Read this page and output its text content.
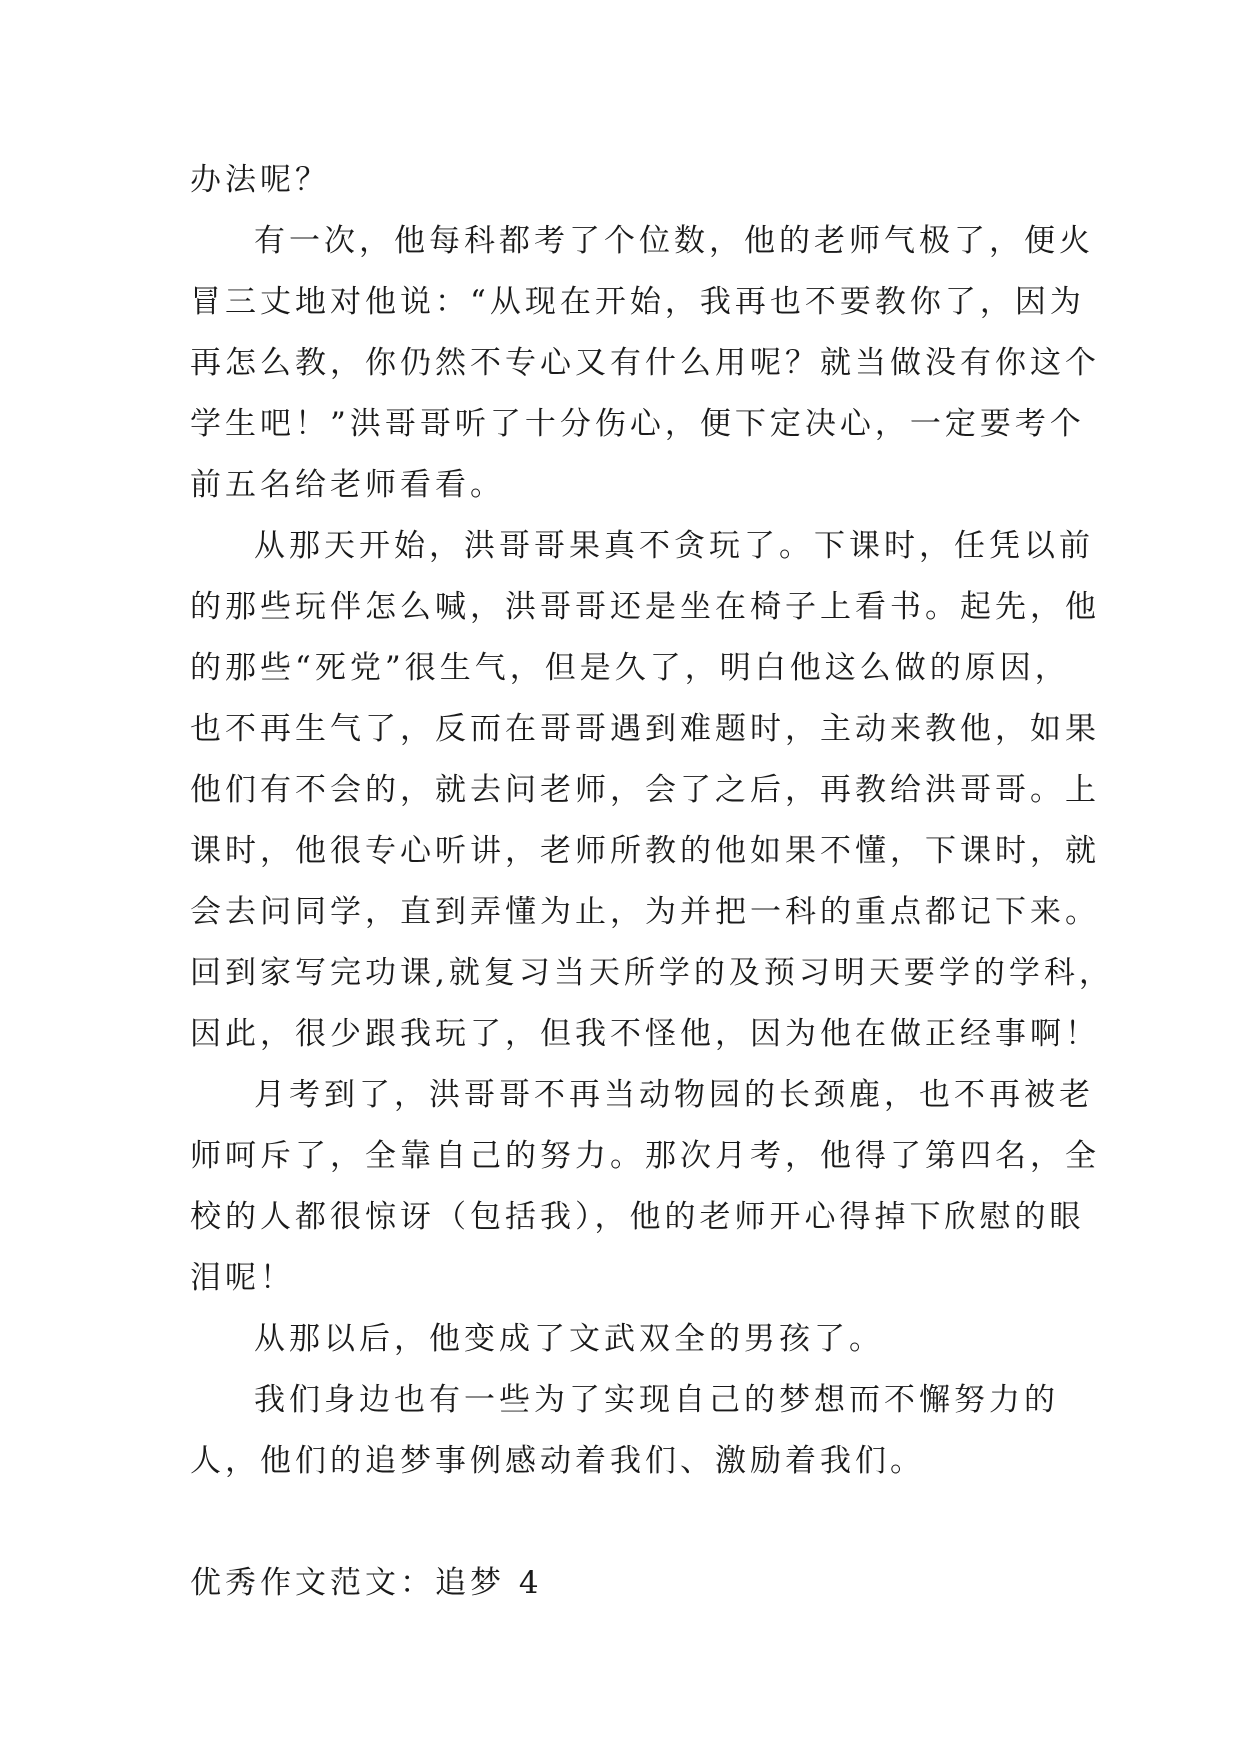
办法呢？
有一次，他每科都考了个位数，他的老师气极了，便火
冒三丈地对他说：“从现在开始，我再也不要教你了，因为
再怎么教，你仍然不专心又有什么用呢？就当做没有你这个
学生吧！”洪哥哥听了十分伤心，便下定决心，一定要考个
前五名给老师看看。
从那天开始，洪哥哥果真不贪玩了。下课时，任凭以前
的那些玩伴怎么喊，洪哥哥还是坐在椅子上看书。起先，他
的那些“死党”很生气，但是久了，明白他这么做的原因，
也不再生气了，反而在哥哥遇到难题时，主动来教他，如果
他们有不会的，就去问老师，会了之后，再教给洪哥哥。上
课时，他很专心听讲，老师所教的他如果不懂，下课时，就
会去问同学，直到弄懂为止，为并把一科的重点都记下来。
回到家写完功课,就复习当天所学的及预习明天要学的学科，
因此，很少跟我玩了，但我不怪他，因为他在做正经事啊！
月考到了，洪哥哥不再当动物园的长颈鹿，也不再被老
师呵斥了，全靠自己的努力。那次月考，他得了第四名，全
校的人都很惊讶（包括我），他的老师开心得掉下欣慰的眼
泪呢！
从那以后，他变成了文武双全的男孩了。
我们身边也有一些为了实现自己的梦想而不懈努力的
人，他们的追梦事例感动着我们、激励着我们。
优秀作文范文：追梦 4
